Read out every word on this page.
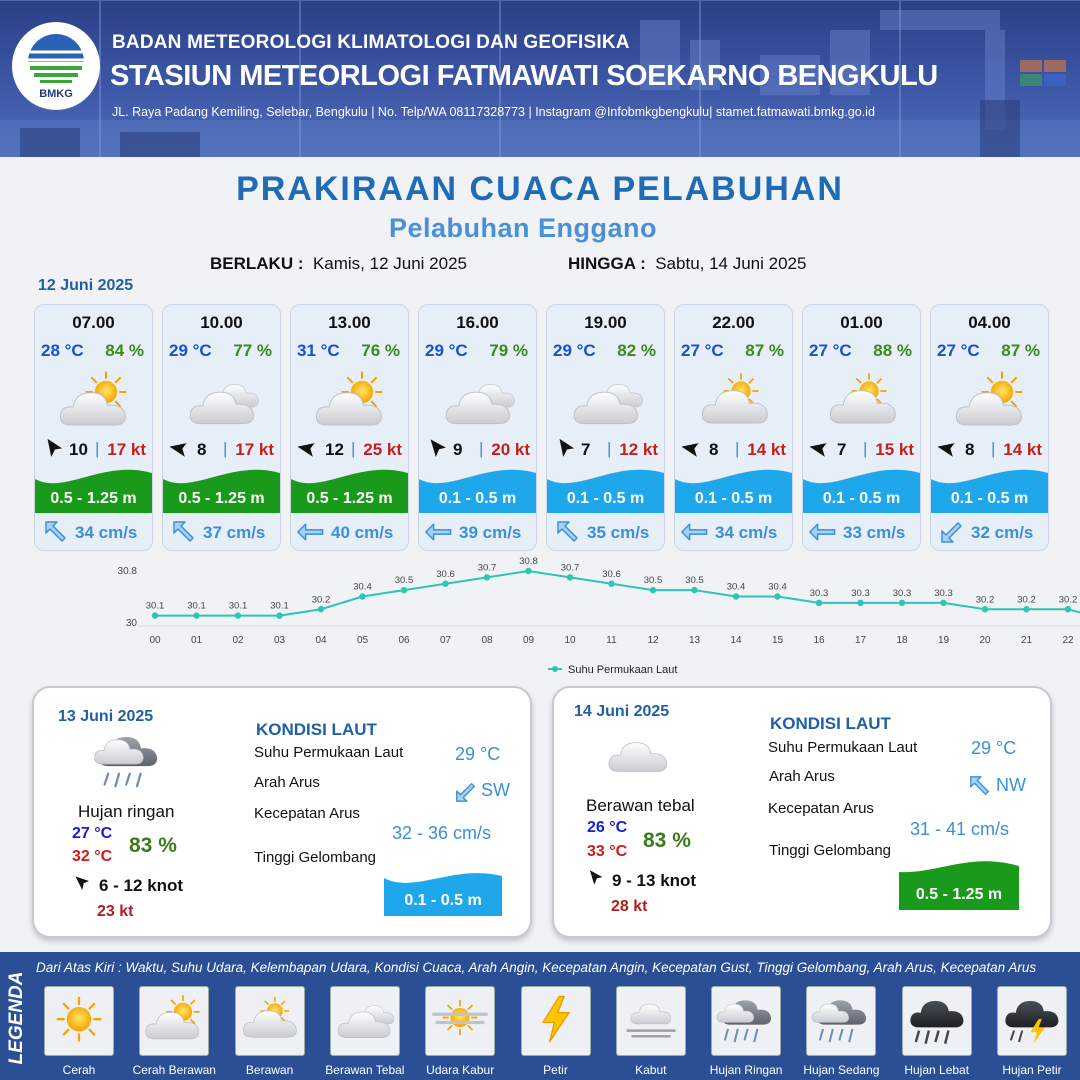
BMKG
BADAN METEOROLOGI KLIMATOLOGI DAN GEOFISIKA
STASIUN METEORLOGI FATMAWATI SOEKARNO BENGKULU
JL. Raya Padang Kemiling, Selebar, Bengkulu | No. Telp/WA 08117328773 | Instagram @Infobmkgbengkulu| stamet.fatmawati.bmkg.go.id
PRAKIRAAN CUACA PELABUHAN
Pelabuhan Enggano
BERLAKU : Kamis, 12 Juni 2025	HINGGA : Sabtu, 14 Juni 2025
12 Juni 2025
07.00
28 °C 84 %
10 | 17 kt
0.5 - 1.25 m
34 cm/s
10.00
29 °C 77 %
8 | 17 kt
0.5 - 1.25 m
37 cm/s
13.00
31 °C 76 %
12 | 25 kt
0.5 - 1.25 m
40 cm/s
16.00
29 °C 79 %
9 | 20 kt
0.1 - 0.5 m
39 cm/s
19.00
29 °C 82 %
7 | 12 kt
0.1 - 0.5 m
35 cm/s
22.00
27 °C 87 %
8 | 14 kt
0.1 - 0.5 m
34 cm/s
01.00
27 °C 88 %
7 | 15 kt
0.1 - 0.5 m
33 cm/s
04.00
27 °C 87 %
8 | 14 kt
0.1 - 0.5 m
32 cm/s
30
30.8
30.1
00
30.1
01
30.1
02
30.1
03
30.2
04
30.4
05
30.5
06
30.6
07
30.7
08
30.8
09
30.7
10
30.6
11
30.5
12
30.5
13
30.4
14
30.4
15
30.3
16
30.3
17
30.3
18
30.3
19
30.2
20
30.2
21
30.2
22
Suhu Permukaan Laut
13 Juni 2025
Hujan ringan
27 °C
32 °C 83 %
6 - 12 knot
23 kt
KONDISI LAUT
Suhu Permukaan Laut	29 °C
Arah Arus	SW
Kecepatan Arus
32 - 36 cm/s
Tinggi Gelombang
0.1 - 0.5 m
14 Juni 2025
Berawan tebal
26 °C
33 °C 83 %
9 - 13 knot
28 kt
KONDISI LAUT
Suhu Permukaan Laut	29 °C
Arah Arus	NW
Kecepatan Arus
31 - 41 cm/s
Tinggi Gelombang
0.5 - 1.25 m
LEGENDA
Dari Atas Kiri : Waktu, Suhu Udara, Kelembapan Udara, Kondisi Cuaca, Arah Angin, Kecepatan Angin, Kecepatan Gust, Tinggi Gelombang, Arah Arus, Kecepatan Arus
Cerah	Cerah Berawan	Berawan	Berawan Tebal	Udara Kabur	Petir	Kabut	Hujan Ringan	Hujan Sedang	Hujan Lebat	Hujan Petir
